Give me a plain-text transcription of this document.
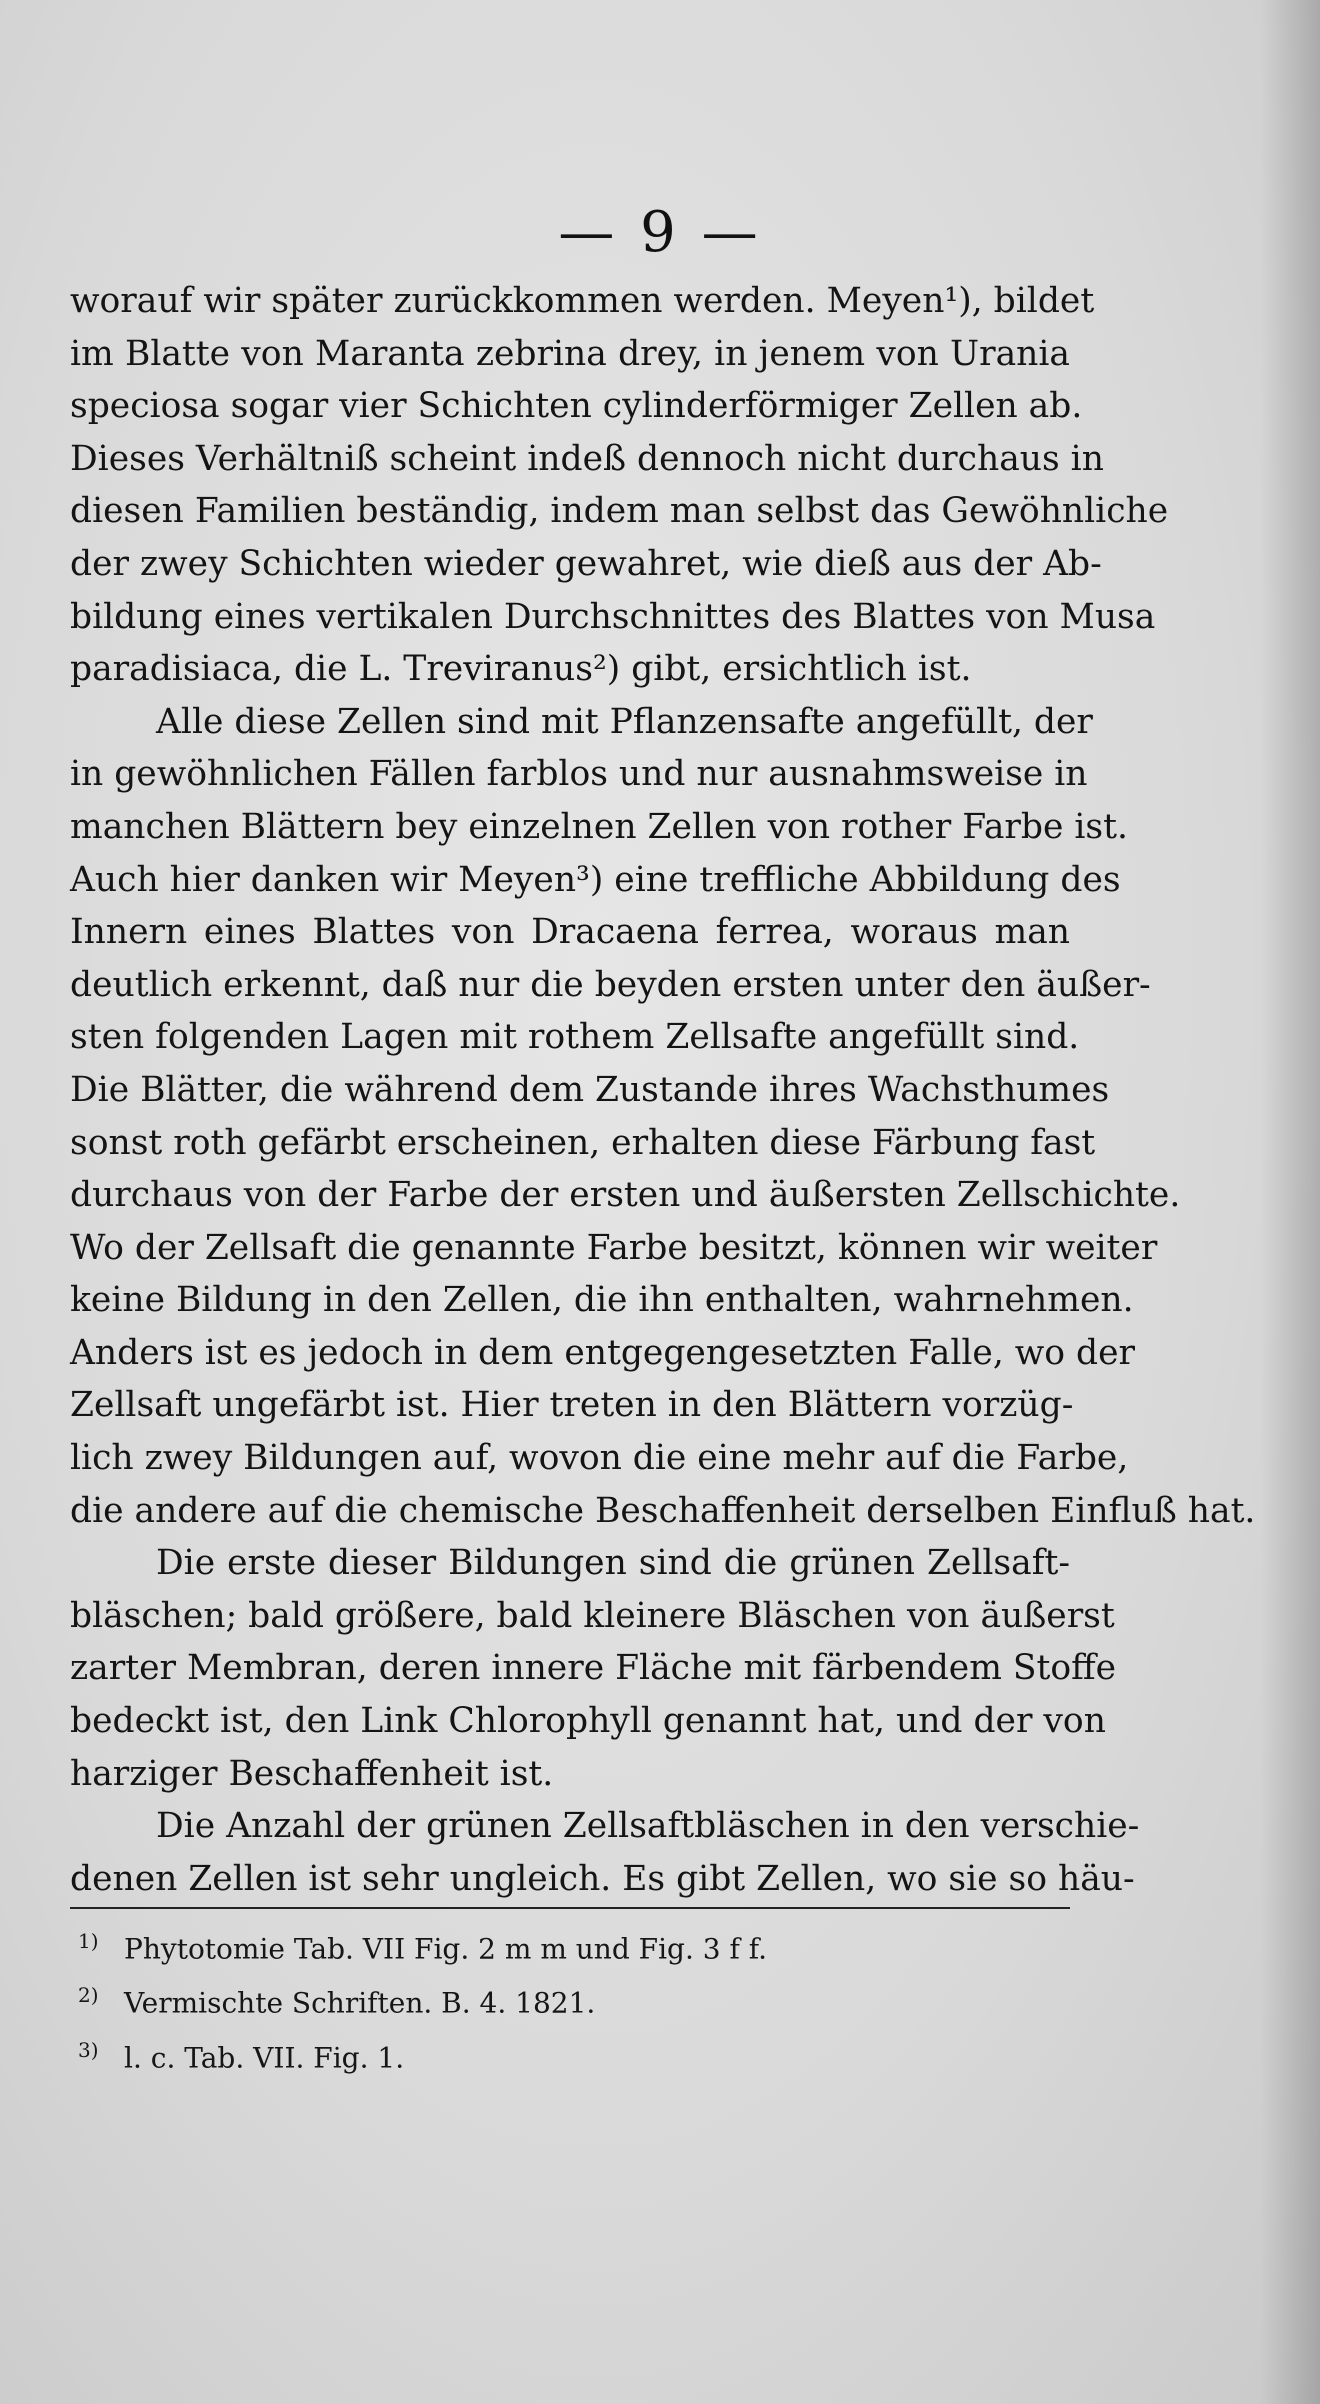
— 9 —
worauf wir später zurückkommen werden. Meyen¹), bildet
im Blatte von Maranta zebrina drey, in jenem von Urania
speciosa sogar vier Schichten cylinderförmiger Zellen ab.
Dieses Verhältniß scheint indeß dennoch nicht durchaus in
diesen Familien beständig, indem man selbst das Gewöhnliche
der zwey Schichten wieder gewahret, wie dieß aus der Ab-
bildung eines vertikalen Durchschnittes des Blattes von Musa
paradisiaca, die L. Treviranus²) gibt, ersichtlich ist.
Alle diese Zellen sind mit Pflanzensafte angefüllt, der
in gewöhnlichen Fällen farblos und nur ausnahmsweise in
manchen Blättern bey einzelnen Zellen von rother Farbe ist.
Auch hier danken wir Meyen³) eine treffliche Abbildung des
Innern eines Blattes von Dracaena ferrea, woraus man
deutlich erkennt, daß nur die beyden ersten unter den äußer-
sten folgenden Lagen mit rothem Zellsafte angefüllt sind.
Die Blätter, die während dem Zustande ihres Wachsthumes
sonst roth gefärbt erscheinen, erhalten diese Färbung fast
durchaus von der Farbe der ersten und äußersten Zellschichte.
Wo der Zellsaft die genannte Farbe besitzt, können wir weiter
keine Bildung in den Zellen, die ihn enthalten, wahrnehmen.
Anders ist es jedoch in dem entgegengesetzten Falle, wo der
Zellsaft ungefärbt ist. Hier treten in den Blättern vorzüg-
lich zwey Bildungen auf, wovon die eine mehr auf die Farbe,
die andere auf die chemische Beschaffenheit derselben Einfluß hat.
Die erste dieser Bildungen sind die grünen Zellsaft-
bläschen; bald größere, bald kleinere Bläschen von äußerst
zarter Membran, deren innere Fläche mit färbendem Stoffe
bedeckt ist, den Link Chlorophyll genannt hat, und der von
harziger Beschaffenheit ist.
Die Anzahl der grünen Zellsaftbläschen in den verschie-
denen Zellen ist sehr ungleich. Es gibt Zellen, wo sie so häu-
1) Phytotomie Tab. VII Fig. 2 m m und Fig. 3 f f.
2) Vermischte Schriften. B. 4. 1821.
3) l. c. Tab. VII. Fig. 1.
